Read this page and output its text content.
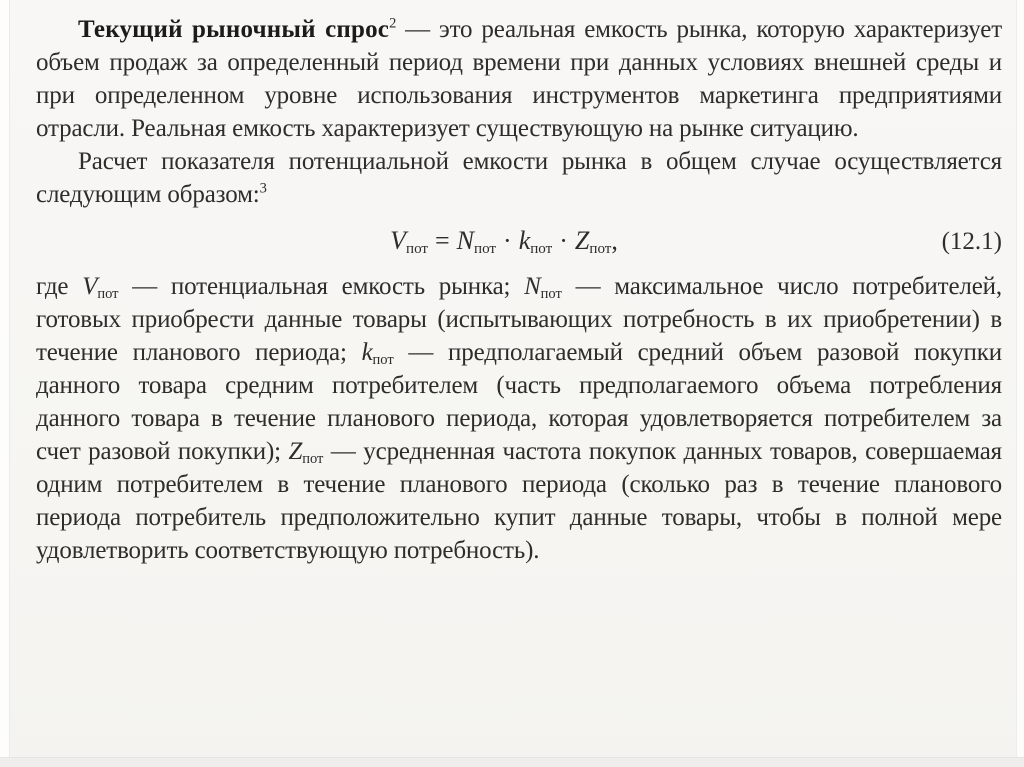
Текущий рыночный спрос$^2$ — это реальная емкость рынка, которую характеризует объем продаж за определенный период времени при данных условиях внешней среды и при определенном уровне использования инструментов маркетинга предприятиями отрасли. Реальная емкость характеризует существующую на рынке ситуацию.

Расчет показателя потенциальной емкости рынка в общем случае осуществляется следующим образом:$^3$

$V_{пот} = N_{пот} \cdot k_{пот} \cdot Z_{пот}$,	(12.1)

где $V_{пот}$ — потенциальная емкость рынка; $N_{пот}$ — максимальное число потребителей, готовых приобрести данные товары (испытывающих потребность в их приобретении) в течение планового периода; $k_{пот}$ — предполагаемый средний объем разовой покупки данного товара средним потребителем (часть предполагаемого объема потребления данного товара в течение планового периода, которая удовлетворяется потребителем за счет разовой покупки); $Z_{пот}$ — усредненная частота покупок данных товаров, совершаемая одним потребителем в течение планового периода (сколько раз в течение планового периода потребитель предположительно купит данные товары, чтобы в полной мере удовлетворить соответствующую потребность).
